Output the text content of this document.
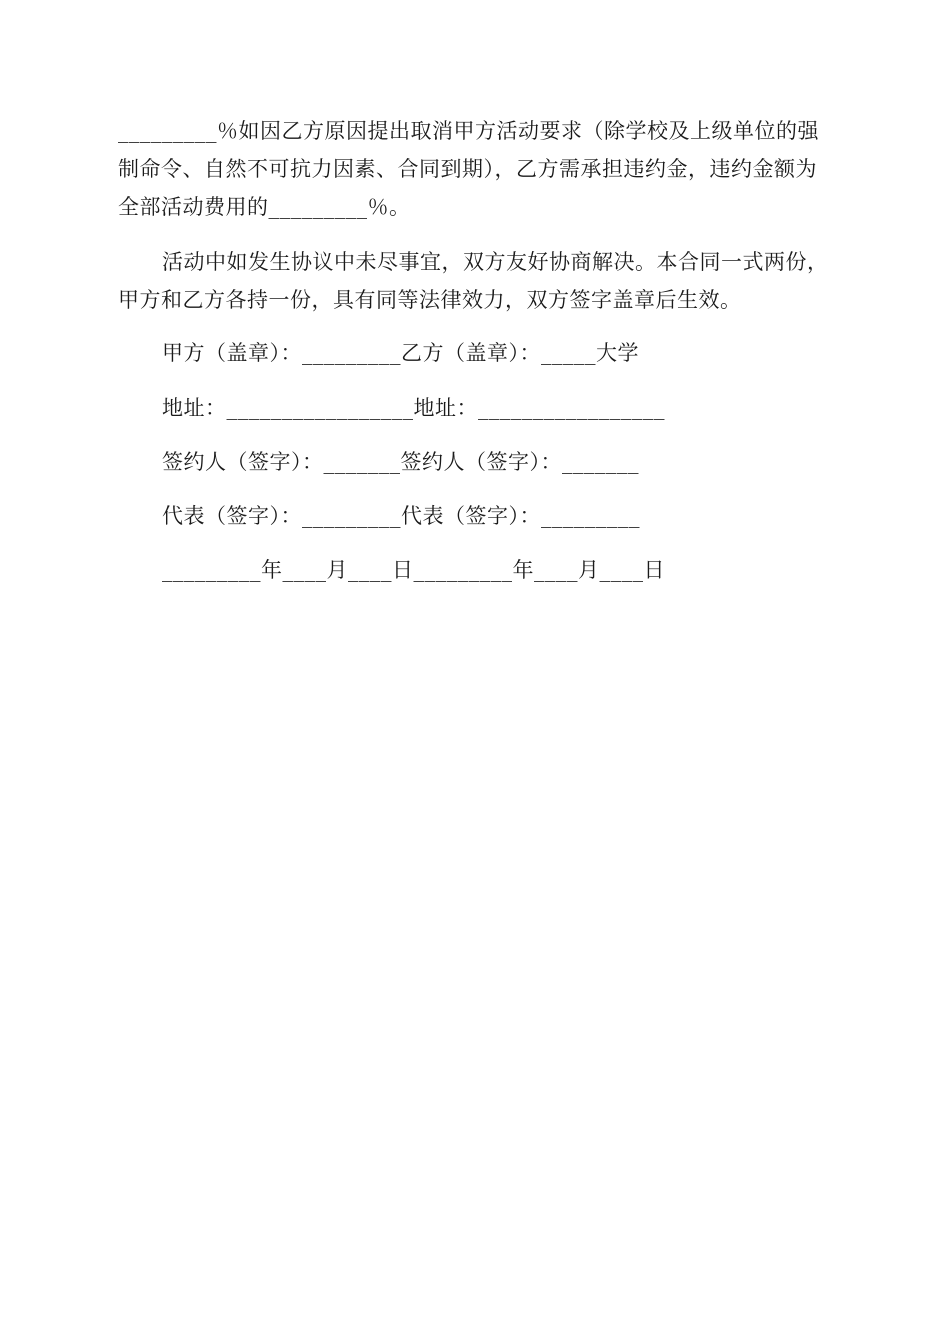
_________％如因乙方原因提出取消甲方活动要求（除学校及上级单位的强制命令、自然不可抗力因素、合同到期），乙方需承担违约金，违约金额为全部活动费用的_________％。

活动中如发生协议中未尽事宜，双方友好协商解决。本合同一式两份，甲方和乙方各持一份，具有同等法律效力，双方签字盖章后生效。

甲方（盖章）：_________乙方（盖章）：_____大学

地址：_________________地址：_________________

签约人（签字）：_______签约人（签字）：_______

代表（签字）：_________代表（签字）：_________

_________年____月____日_________年____月____日
